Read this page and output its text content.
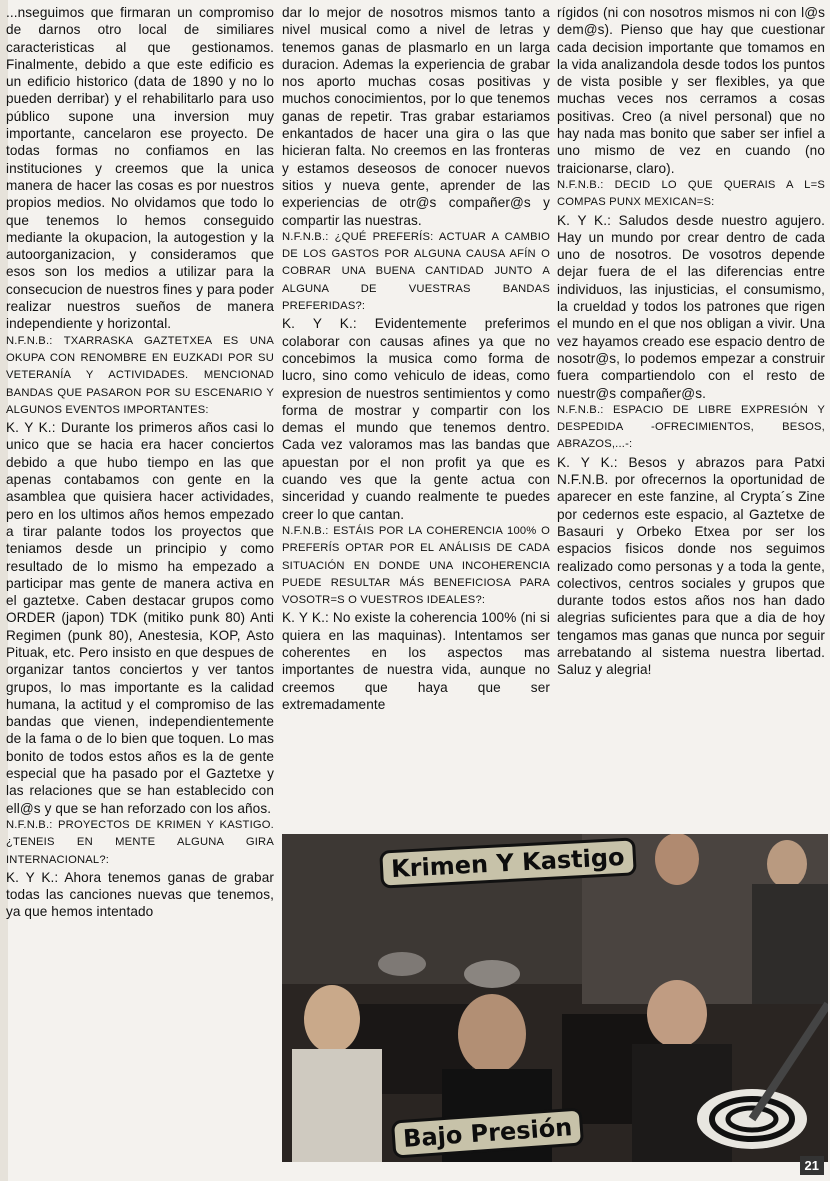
...nseguimos que firmaran un compromiso de darnos otro local de similiares caracteristicas al que gestionamos. Finalmente, debido a que este edificio es un edificio historico (data de 1890 y no lo pueden derribar) y el rehabilitarlo para uso público supone una inversion muy importante, cancelaron ese proyecto. De todas formas no confiamos en las instituciones y creemos que la unica manera de hacer las cosas es por nuestros propios medios. No olvidamos que todo lo que tenemos lo hemos conseguido mediante la okupacion, la autogestion y la autoorganizacion, y consideramos que esos son los medios a utilizar para la consecucion de nuestros fines y para poder realizar nuestros sueños de manera independiente y horizontal.

N.F.N.B.: TXARRASKA GAZTETXEA ES UNA OKUPA CON RENOMBRE EN EUZKADI POR SU VETERANÍA Y ACTIVIDADES. MENCIONAD BANDAS QUE PASARON POR SU ESCENARIO Y ALGUNOS EVENTOS IMPORTANTES:

K. Y K.: Durante los primeros años casi lo unico que se hacia era hacer conciertos debido a que hubo tiempo en las que apenas contabamos con gente en la asamblea que quisiera hacer actividades, pero en los ultimos años hemos empezado a tirar palante todos los proyectos que teniamos desde un principio y como resultado de lo mismo ha empezado a participar mas gente de manera activa en el gaztetxe. Caben destacar grupos como ORDER (japon) TDK (mitiko punk 80) Anti Regimen (punk 80), Anestesia, KOP, Asto Pituak, etc. Pero insisto en que despues de organizar tantos conciertos y ver tantos grupos, lo mas importante es la calidad humana, la actitud y el compromiso de las bandas que vienen, independientemente de la fama o de lo bien que toquen. Lo mas bonito de todos estos años es la de gente especial que ha pasado por el Gaztetxe y las relaciones que se han establecido con ell@s y que se han reforzado con los años.

N.F.N.B.: PROYECTOS DE KRIMEN Y KASTIGO. ¿TENEIS EN MENTE ALGUNA GIRA INTERNACIONAL?:

K. Y K.: Ahora tenemos ganas de grabar todas las canciones nuevas que tenemos, ya que hemos intentado

dar lo mejor de nosotros mismos tanto a nivel musical como a nivel de letras y tenemos ganas de plasmarlo en un larga duracion. Ademas la experiencia de grabar nos aporto muchas cosas positivas y muchos conocimientos, por lo que tenemos ganas de repetir. Tras grabar estariamos enkantados de hacer una gira o las que hicieran falta. No creemos en las fronteras y estamos deseosos de conocer nuevos sitios y nueva gente, aprender de las experiencias de otr@s compañer@s y compartir las nuestras.

N.F.N.B.: ¿QUÉ PREFERÍS: ACTUAR A CAMBIO DE LOS GASTOS POR ALGUNA CAUSA AFÍN O COBRAR UNA BUENA CANTIDAD JUNTO A ALGUNA DE VUESTRAS BANDAS PREFERIDAS?:

K. Y K.: Evidentemente preferimos colaborar con causas afines ya que no concebimos la musica como forma de lucro, sino como vehiculo de ideas, como expresion de nuestros sentimientos y como forma de mostrar y compartir con los demas el mundo que tenemos dentro. Cada vez valoramos mas las bandas que apuestan por el non profit ya que es cuando ves que la gente actua con sinceridad y cuando realmente te puedes creer lo que cantan.

N.F.N.B.: ESTÁIS POR LA COHERENCIA 100% O PREFERÍS OPTAR POR EL ANÁLISIS DE CADA SITUACIÓN EN DONDE UNA INCOHERENCIA PUEDE RESULTAR MÁS BENEFICIOSA PARA VOSOTR=S O VUESTROS IDEALES?:

K. Y K.: No existe la coherencia 100% (ni si quiera en las maquinas). Intentamos ser coherentes en los aspectos mas importantes de nuestra vida, aunque no creemos que haya que ser extremadamente

rígidos (ni con nosotros mismos ni con l@s dem@s). Pienso que hay que cuestionar cada decision importante que tomamos en la vida analizandola desde todos los puntos de vista posible y ser flexibles, ya que muchas veces nos cerramos a cosas positivas. Creo (a nivel personal) que no hay nada mas bonito que saber ser infiel a uno mismo de vez en cuando (no traicionarse, claro).

N.F.N.B.: DECID LO QUE QUERAIS A L=S COMPAS PUNX MEXICAN=S:

K. Y K.: Saludos desde nuestro agujero. Hay un mundo por crear dentro de cada uno de nosotros. De vosotros depende dejar fuera de el las diferencias entre individuos, las injusticias, el consumismo, la crueldad y todos los patrones que rigen el mundo en el que nos obligan a vivir. Una vez hayamos creado ese espacio dentro de nosotr@s, lo podemos empezar a construir fuera compartiendolo con el resto de nuestr@s compañer@s.

N.F.N.B.: ESPACIO DE LIBRE EXPRESIÓN Y DESPEDIDA -OFRECIMIENTOS, BESOS, ABRAZOS,...-:

K. Y K.: Besos y abrazos para Patxi N.F.N.B. por ofrecernos la oportunidad de aparecer en este fanzine, al Crypta´s Zine por cedernos este espacio, al Gaztetxe de Basauri y Orbeko Etxea por ser los espacios fisicos donde nos seguimos realizado como personas y a toda la gente, colectivos, centros sociales y grupos que durante todos estos años nos han dado alegrias suficientes para que a dia de hoy tengamos mas ganas que nunca por seguir arrebatando al sistema nuestra libertad. Saluz y alegria!

Krimen Y Kastigo
Bajo Presión
21
